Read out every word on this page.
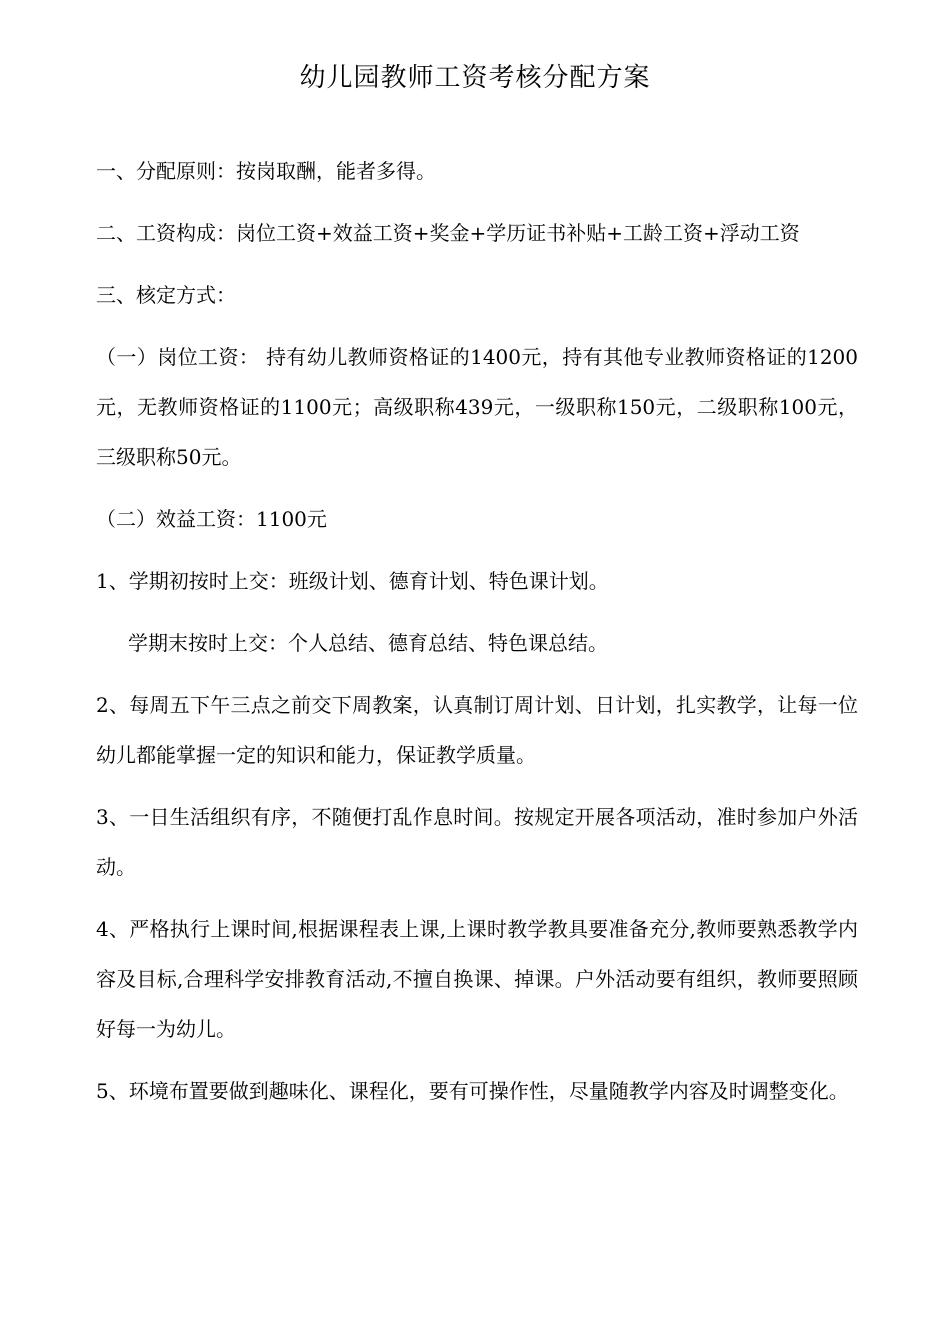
幼儿园教师工资考核分配方案

一、分配原则：按岗取酬，能者多得。

二、工资构成：岗位工资+效益工资+奖金+学历证书补贴+工龄工资+浮动工资

三、核定方式：

（一）岗位工资： 持有幼儿教师资格证的1400元，持有其他专业教师资格证的1200元，无教师资格证的1100元；高级职称439元，一级职称150元，二级职称100元，三级职称50元。

（二）效益工资：1100元

1、学期初按时上交：班级计划、德育计划、特色课计划。

学期末按时上交：个人总结、德育总结、特色课总结。

2、每周五下午三点之前交下周教案，认真制订周计划、日计划，扎实教学，让每一位幼儿都能掌握一定的知识和能力，保证教学质量。

3、一日生活组织有序，不随便打乱作息时间。按规定开展各项活动，准时参加户外活动。

4、严格执行上课时间,根据课程表上课,上课时教学教具要准备充分,教师要熟悉教学内容及目标,合理科学安排教育活动,不擅自换课、掉课。户外活动要有组织，教师要照顾好每一为幼儿。

5、环境布置要做到趣味化、课程化，要有可操作性，尽量随教学内容及时调整变化。
